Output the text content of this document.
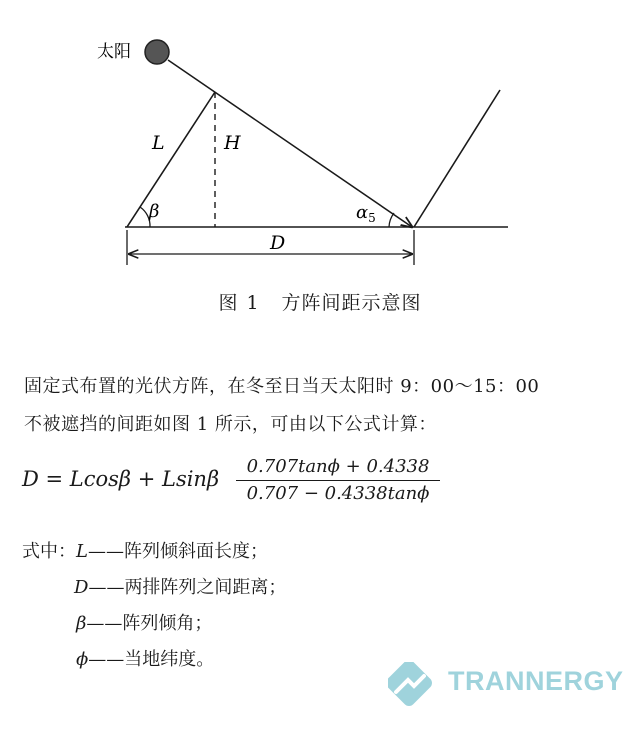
太阳
L	H
β	$\alpha_5$
D
图 1 方阵间距示意图
固定式布置的光伏方阵，在冬至日当天太阳时 9：00～15：00
不被遮挡的间距如图 1 所示，可由以下公式计算：
D = Lcosβ + Lsinβ
0.707tanϕ + 0.4338
0.707 − 0.4338tanϕ
式中：L——阵列倾斜面长度；
D——两排阵列之间距离；
β——阵列倾角；
ϕ——当地纬度。
TRANNERGY
